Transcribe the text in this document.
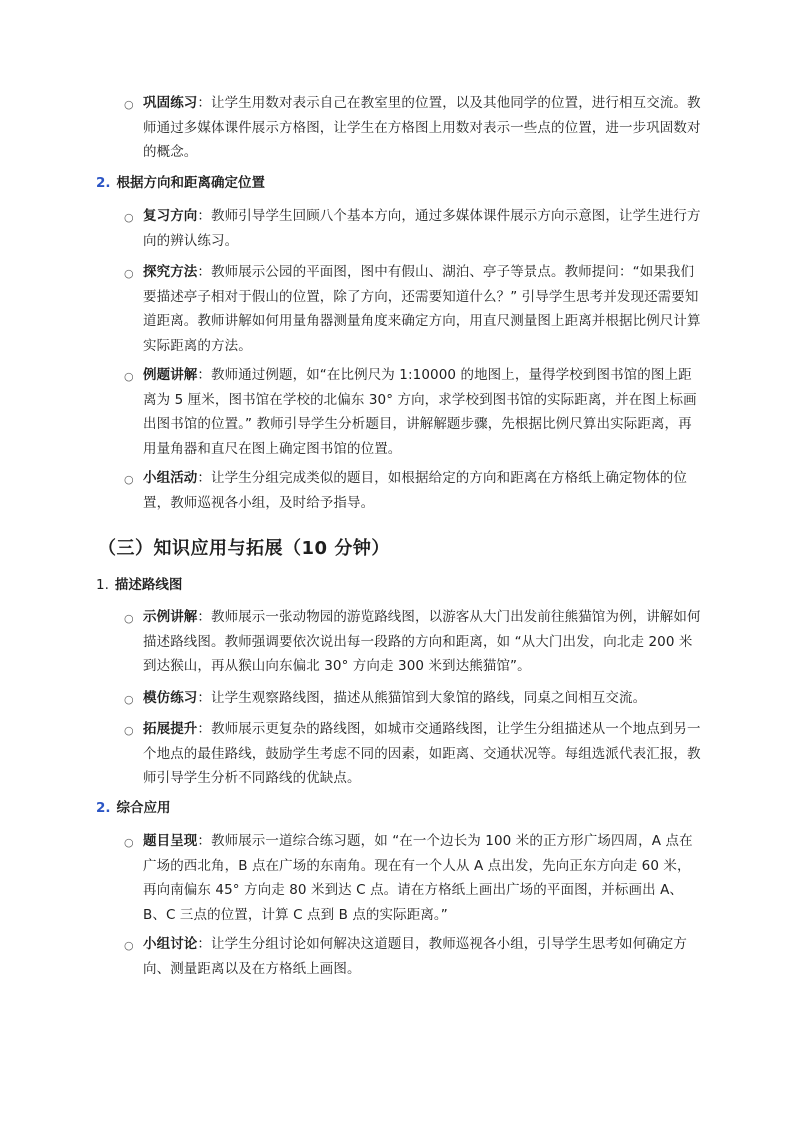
○ 巩固练习：让学生用数对表示自己在教室里的位置，以及其他同学的位置，进行相互交流。教师通过多媒体课件展示方格图，让学生在方格图上用数对表示一些点的位置，进一步巩固数对的概念。
2. 根据方向和距离确定位置
○ 复习方向：教师引导学生回顾八个基本方向，通过多媒体课件展示方向示意图，让学生进行方向的辨认练习。
○ 探究方法：教师展示公园的平面图，图中有假山、湖泊、亭子等景点。教师提问：“如果我们要描述亭子相对于假山的位置，除了方向，还需要知道什么？” 引导学生思考并发现还需要知道距离。教师讲解如何用量角器测量角度来确定方向，用直尺测量图上距离并根据比例尺计算实际距离的方法。
○ 例题讲解：教师通过例题，如“在比例尺为 1:10000 的地图上，量得学校到图书馆的图上距离为 5 厘米，图书馆在学校的北偏东 30° 方向，求学校到图书馆的实际距离，并在图上标画出图书馆的位置。” 教师引导学生分析题目，讲解解题步骤，先根据比例尺算出实际距离，再用量角器和直尺在图上确定图书馆的位置。
○ 小组活动：让学生分组完成类似的题目，如根据给定的方向和距离在方格纸上确定物体的位置，教师巡视各小组，及时给予指导。
（三）知识应用与拓展（10 分钟）
1. 描述路线图
○ 示例讲解：教师展示一张动物园的游览路线图，以游客从大门出发前往熊猫馆为例，讲解如何描述路线图。教师强调要依次说出每一段路的方向和距离，如 “从大门出发，向北走 200 米到达猴山，再从猴山向东偏北 30° 方向走 300 米到达熊猫馆”。
○ 模仿练习：让学生观察路线图，描述从熊猫馆到大象馆的路线，同桌之间相互交流。
○ 拓展提升：教师展示更复杂的路线图，如城市交通路线图，让学生分组描述从一个地点到另一个地点的最佳路线，鼓励学生考虑不同的因素，如距离、交通状况等。每组选派代表汇报，教师引导学生分析不同路线的优缺点。
2. 综合应用
○ 题目呈现：教师展示一道综合练习题，如 “在一个边长为 100 米的正方形广场四周，A 点在广场的西北角，B 点在广场的东南角。现在有一个人从 A 点出发，先向正东方向走 60 米，再向南偏东 45° 方向走 80 米到达 C 点。请在方格纸上画出广场的平面图，并标画出 A、B、C 三点的位置，计算 C 点到 B 点的实际距离。”
○ 小组讨论：让学生分组讨论如何解决这道题目，教师巡视各小组，引导学生思考如何确定方向、测量距离以及在方格纸上画图。
